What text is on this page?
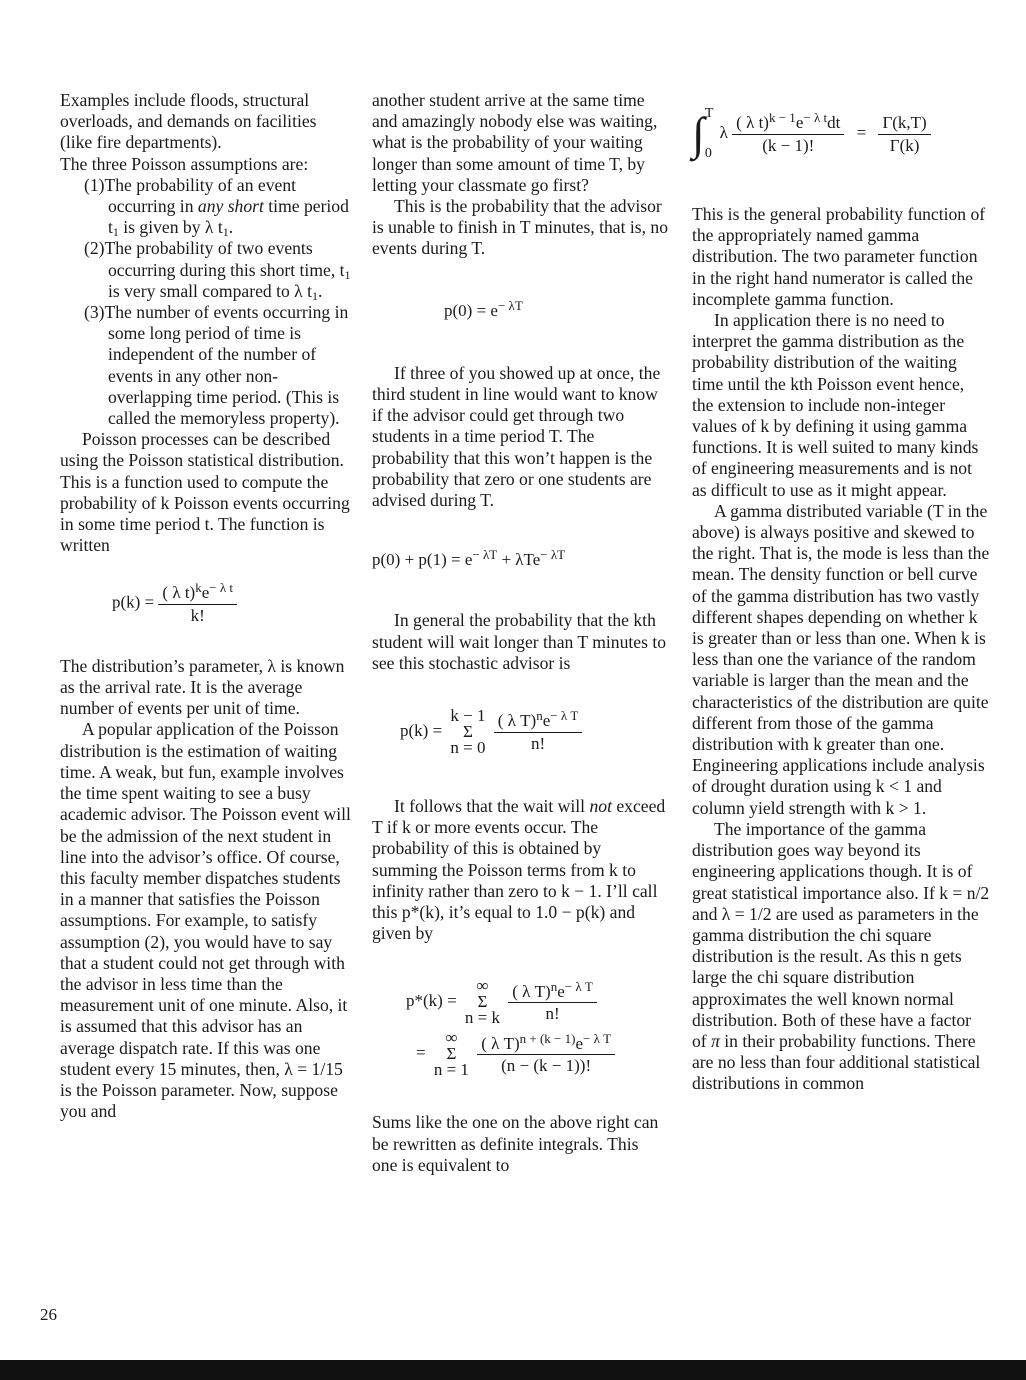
Examples include floods, structural overloads, and demands on facilities (like fire departments).

The three Poisson assumptions are:

(1)The probability of an event occurring in any short time period $t_1$ is given by λ $t_1$.
(2)The probability of two events occurring during this short time, $t_1$ is very small compared to λ $t_1$.
(3)The number of events occurring in some long period of time is independent of the number of events in any other non-overlapping time period. (This is called the memoryless property).

Poisson processes can be described using the Poisson statistical distribution. This is a function used to compute the probability of k Poisson events occurring in some time period t. The function is written

$p(k) = \frac{( \lambda t)^ke^{- \lambda t}}{k!}$

The distribution’s parameter, λ is known as the arrival rate. It is the average number of events per unit of time.

A popular application of the Poisson distribution is the estimation of waiting time. A weak, but fun, example involves the time spent waiting to see a busy academic advisor. The Poisson event will be the admission of the next student in line into the advisor’s office. Of course, this faculty member dispatches students in a manner that satisfies the Poisson assumptions. For example, to satisfy assumption (2), you would have to say that a student could not get through with the advisor in less time than the measurement unit of one minute. Also, it is assumed that this advisor has an average dispatch rate. If this was one student every 15 minutes, then, λ = 1/15 is the Poisson parameter. Now, suppose you and

another student arrive at the same time and amazingly nobody else was waiting, what is the probability of your waiting longer than some amount of time T, by letting your classmate go first?

This is the probability that the advisor is unable to finish in T minutes, that is, no events during T.

$p(0) = e^{- \lambda T}$

If three of you showed up at once, the third student in line would want to know if the advisor could get through two students in a time period T. The probability that this won’t happen is the probability that zero or one students are advised during T.

$p(0) + p(1) = e^{- \lambda T} + \lambda Te^{- \lambda T}$

In general the probability that the kth student will wait longer than T minutes to see this stochastic advisor is

p(k) =
k − 1
Σ
n = 0
$\frac{( \lambda T)^ne^{- \lambda T}}{n!}$

It follows that the wait will not exceed T if k or more events occur. The probability of this is obtained by summing the Poisson terms from k to infinity rather than zero to k − 1. I’ll call this p*(k), it’s equal to 1.0 − p(k) and given by

p*(k) =
∞
Σ
n = k
$\frac{( \lambda T)^ne^{- \lambda T}}{n!}$
=
∞
Σ
n = 1
$\frac{( \lambda T)^{n + (k - 1)}e^{- \lambda T}}{(n - (k - 1))!}$

Sums like the one on the above right can be rewritten as definite integrals. This one is equivalent to

∫ T

0
λ $\frac{( \lambda t)^{k - 1}e^{- \lambda t}dt}{(k - 1)!} = \frac{\Gamma(k,T)}{\Gamma(k)}$

This is the general probability function of the appropriately named gamma distribution. The two parameter function in the right hand numerator is called the incomplete gamma function.

In application there is no need to interpret the gamma distribution as the probability distribution of the waiting time until the kth Poisson event hence, the extension to include non-integer values of k by defining it using gamma functions. It is well suited to many kinds of engineering measurements and is not as difficult to use as it might appear.

A gamma distributed variable (T in the above) is always positive and skewed to the right. That is, the mode is less than the mean. The density function or bell curve of the gamma distribution has two vastly different shapes depending on whether k is greater than or less than one. When k is less than one the variance of the random variable is larger than the mean and the characteristics of the distribution are quite different from those of the gamma distribution with k greater than one. Engineering applications include analysis of drought duration using k < 1 and column yield strength with k > 1.

The importance of the gamma distribution goes way beyond its engineering applications though. It is of great statistical importance also. If k = n/2 and λ = 1/2 are used as parameters in the gamma distribution the chi square distribution is the result. As this n gets large the chi square distribution approximates the well known normal distribution. Both of these have a factor of π in their probability functions. There are no less than four additional statistical distributions in common

26
